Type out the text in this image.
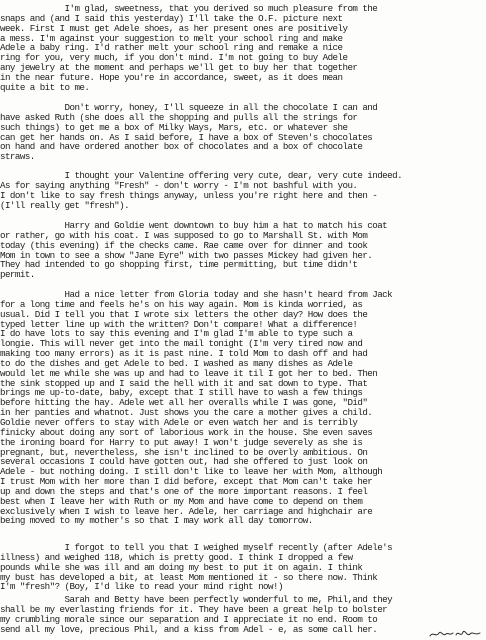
I'm glad, sweetness, that you derived so much pleasure from the
snaps and (and I said this yesterday) I'll take the O.F. picture next
week. First I must get Adele shoes, as her present ones are positively
a mess. I'm against your suggestion to melt your school ring and make
Adele a baby ring. I'd rather melt your school ring and remake a nice
ring for you, very much, if you don't mind. I'm not going to buy Adele
any jewelry at the moment and perhaps we'll get to buy her that together
in the near future. Hope you're in accordance, sweet, as it does mean
quite a bit to me.
Don't worry, honey, I'll squeeze in all the chocolate I can and
have asked Ruth (she does all the shopping and pulls all the strings for
such things) to get me a box of Milky Ways, Mars, etc. or whatever she
can get her hands on. As I said before, I have a box of Steven's chocolates
on hand and have ordered another box of chocolates and a box of chocolate
straws.
I thought your Valentine offering very cute, dear, very cute indeed.
As for saying anything "Fresh" - don't worry - I'm not bashful with you.
I don't like to say fresh things anyway, unless you're right here and then -
(I'll really get "fresh").
Harry and Goldie went downtown to buy him a hat to match his coat
or rather, go with his coat. I was supposed to go to Marshall St. with Mom
today (this evening) if the checks came. Rae came over for dinner and took
Mom in town to see a show "Jane Eyre" with two passes Mickey had given her.
They had intended to go shopping first, time permitting, but time didn't
permit.
Had a nice letter from Gloria today and she hasn't heard from Jack
for a long time and feels he's on his way again. Mom is kinda worried, as
usual. Did I tell you that I wrote six letters the other day? How does the
typed letter line up with the written? Don't compare! What a difference!
I do have lots to say this evening and I'm glad I'm able to type such a
longie. This will never get into the mail tonight (I'm very tired now and
making too many errors) as it is past nine. I told Mom to dash off and had
to do the dishes and get Adele to bed. I washed as many dishes as Adele
would let me while she was up and had to leave it til I got her to bed. Then
the sink stopped up and I said the hell with it and sat down to type. That
brings me up-to-date, baby, except that I still have to wash a few things
before hitting the hay. Adele wet all her overalls while I was gone, "Did"
in her panties and whatnot. Just shows you the care a mother gives a child.
Goldie never offers to stay with Adele or even watch her and is terribly
finicky about doing any sort of laborious work in the house. She even saves
the ironing board for Harry to put away! I won't judge severely as she is
pregnant, but, nevertheless, she isn't inclined to be overly ambitious. On
several occasions I could have gotten out, had she offered to just look on
Adele - but nothing doing. I still don't like to leave her with Mom, although
I trust Mom with her more than I did before, except that Mom can't take her
up and down the steps and that's one of the more important reasons. I feel
best when I leave her with Ruth or my Mom and have come to depend on them
exclusively when I wish to leave her. Adele, her carriage and highchair are
being moved to my mother's so that I may work all day tomorrow.
I forgot to tell you that I weighed myself recently (after Adele's
illness) and weighed 118, which is pretty good. I think I dropped a few
pounds while she was ill and am doing my best to put it on again. I think
my bust has developed a bit, at least Mom mentioned it - so there now. Think
I'm "fresh"? (Boy, I'd like to read your mind right now!)
Sarah and Betty have been perfectly wonderful to me, Phil,and they
shall be my everlasting friends for it. They have been a great help to bolster
my crumbling morale since our separation and I appreciate it no end. Room to
send all my love, precious Phil, and a kiss from Adel - e, as some call her.
